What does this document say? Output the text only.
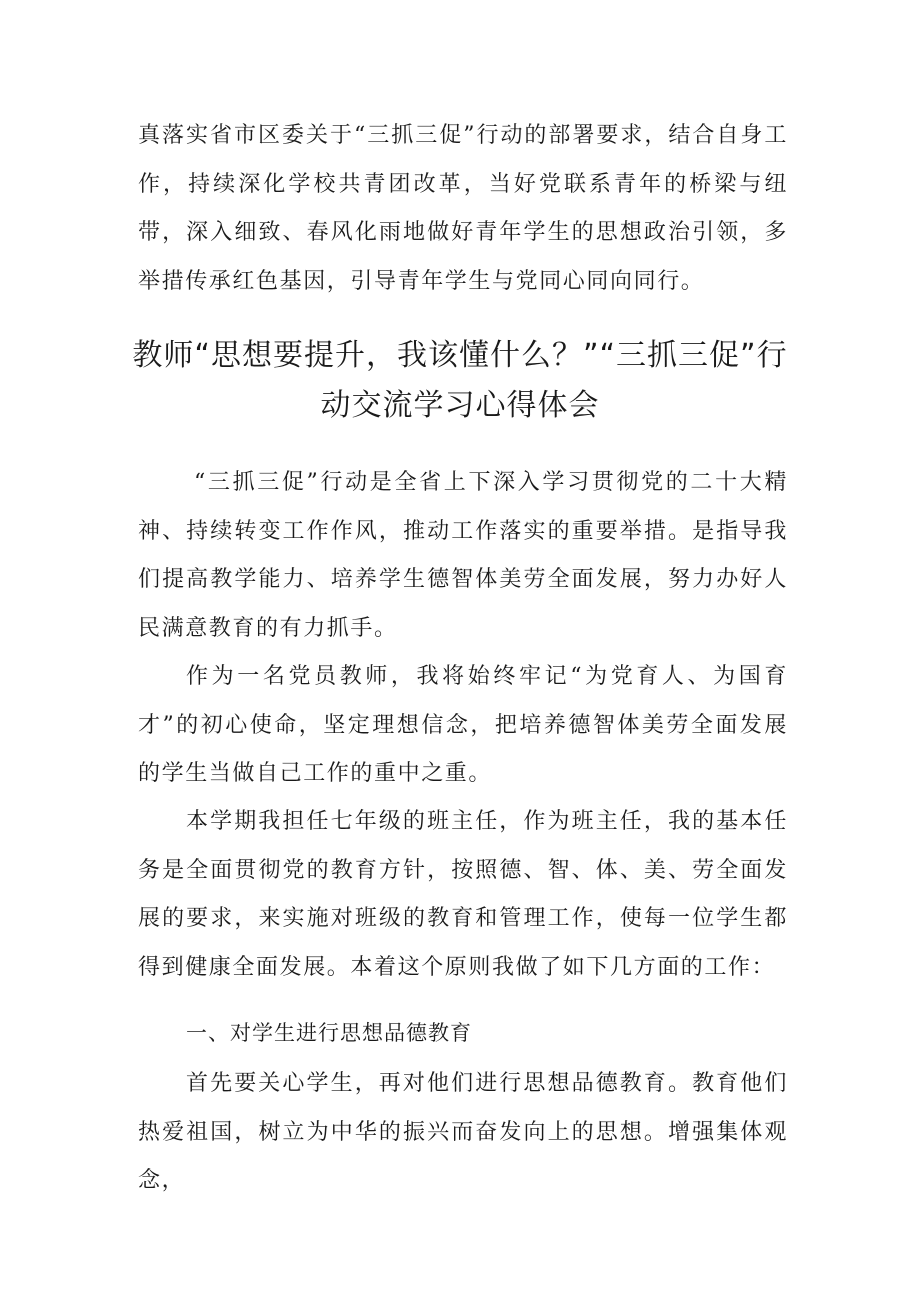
真落实省市区委关于“三抓三促”行动的部署要求，结合自身工作，持续深化学校共青团改革，当好党联系青年的桥梁与纽带，深入细致、春风化雨地做好青年学生的思想政治引领，多举措传承红色基因，引导青年学生与党同心同向同行。

教师“思想要提升，我该懂什么？”“三抓三促”行动交流学习心得体会

“三抓三促”行动是全省上下深入学习贯彻党的二十大精神、持续转变工作作风，推动工作落实的重要举措。是指导我们提高教学能力、培养学生德智体美劳全面发展，努力办好人民满意教育的有力抓手。

作为一名党员教师，我将始终牢记“为党育人、为国育才”的初心使命，坚定理想信念，把培养德智体美劳全面发展的学生当做自己工作的重中之重。

本学期我担任七年级的班主任，作为班主任，我的基本任务是全面贯彻党的教育方针，按照德、智、体、美、劳全面发展的要求，来实施对班级的教育和管理工作，使每一位学生都得到健康全面发展。本着这个原则我做了如下几方面的工作：

一、对学生进行思想品德教育

首先要关心学生，再对他们进行思想品德教育。教育他们热爱祖国，树立为中华的振兴而奋发向上的思想。增强集体观念，
